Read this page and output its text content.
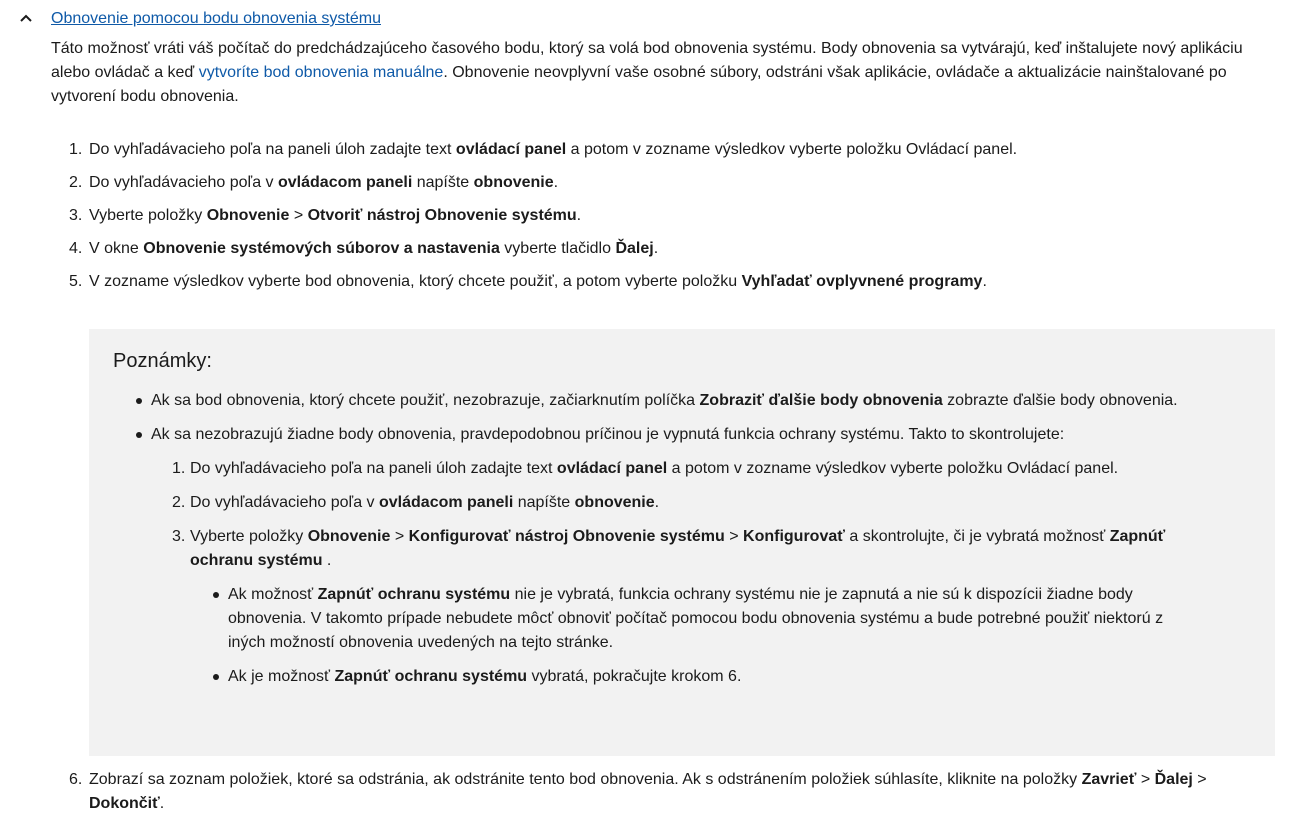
Obnovenie pomocou bodu obnovenia systému

Táto možnosť vráti váš počítač do predchádzajúceho časového bodu, ktorý sa volá bod obnovenia systému. Body obnovenia sa vytvárajú, keď inštalujete nový aplikáciu alebo ovládač a keď vytvoríte bod obnovenia manuálne. Obnovenie neovplyvní vaše osobné súbory, odstráni však aplikácie, ovládače a aktualizácie nainštalované po vytvorení bodu obnovenia.

1. Do vyhľadávacieho poľa na paneli úloh zadajte text ovládací panel a potom v zozname výsledkov vyberte položku Ovládací panel.
2. Do vyhľadávacieho poľa v ovládacom paneli napíšte obnovenie.
3. Vyberte položky Obnovenie > Otvoriť nástroj Obnovenie systému.
4. V okne Obnovenie systémových súborov a nastavenia vyberte tlačidlo Ďalej.
5. V zozname výsledkov vyberte bod obnovenia, ktorý chcete použiť, a potom vyberte položku Vyhľadať ovplyvnené programy.
Poznámky:
Ak sa bod obnovenia, ktorý chcete použiť, nezobrazuje, začiarknutím políčka Zobraziť ďalšie body obnovenia zobrazte ďalšie body obnovenia.
Ak sa nezobrazujú žiadne body obnovenia, pravdepodobnou príčinou je vypnutá funkcia ochrany systému. Takto to skontrolujete:
1. Do vyhľadávacieho poľa na paneli úloh zadajte text ovládací panel a potom v zozname výsledkov vyberte položku Ovládací panel.
2. Do vyhľadávacieho poľa v ovládacom paneli napíšte obnovenie.
3. Vyberte položky Obnovenie > Konfigurovať nástroj Obnovenie systému > Konfigurovať a skontrolujte, či je vybratá možnosť Zapnúť ochranu systému .
Ak možnosť Zapnúť ochranu systému nie je vybratá, funkcia ochrany systému nie je zapnutá a nie sú k dispozícii žiadne body obnovenia. V takomto prípade nebudete môcť obnoviť počítač pomocou bodu obnovenia systému a bude potrebné použiť niektorú z iných možností obnovenia uvedených na tejto stránke.
Ak je možnosť Zapnúť ochranu systému vybratá, pokračujte krokom 6.
6. Zobrazí sa zoznam položiek, ktoré sa odstránia, ak odstránite tento bod obnovenia. Ak s odstránením položiek súhlasíte, kliknite na položky Zavrieť > Ďalej > Dokončiť.
